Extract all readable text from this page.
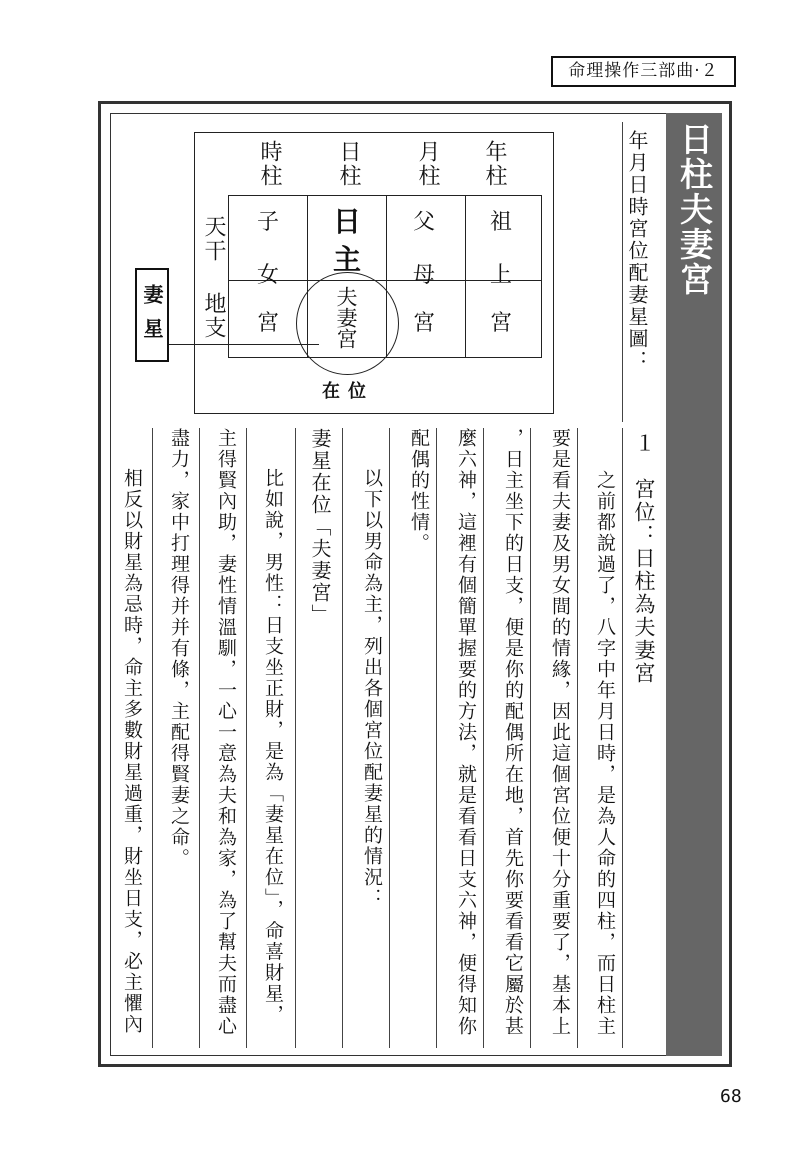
命理操作三部曲‧２
日柱夫妻宮
年月日時宮位配妻星圖：
時柱 日柱 月柱 年柱
天干
地支
子
女
宮
日
主
夫妻宮
父
母
宮
祖
上
宮
妻星
在位
１　宮位：日柱為夫妻宮
之前都說過了，八字中年月日時，是為人命的四柱，而日柱主
要是看夫妻及男女間的情緣，因此這個宮位便十分重要了，基本上
，日主坐下的日支，便是你的配偶所在地，首先你要看看它屬於甚
麼六神，這裡有個簡單握要的方法，就是看看日支六神，便得知你
配偶的性情。
以下以男命為主，列出各個宮位配妻星的情況：
妻星在位「夫妻宮」
比如說，男性：日支坐正財，是為「妻星在位」，命喜財星，
主得賢內助，妻性情溫馴，一心一意為夫和為家，為了幫夫而盡心
盡力，家中打理得并并有條，主配得賢妻之命。
相反以財星為忌時，命主多數財星過重，財坐日支，必主懼內
68
